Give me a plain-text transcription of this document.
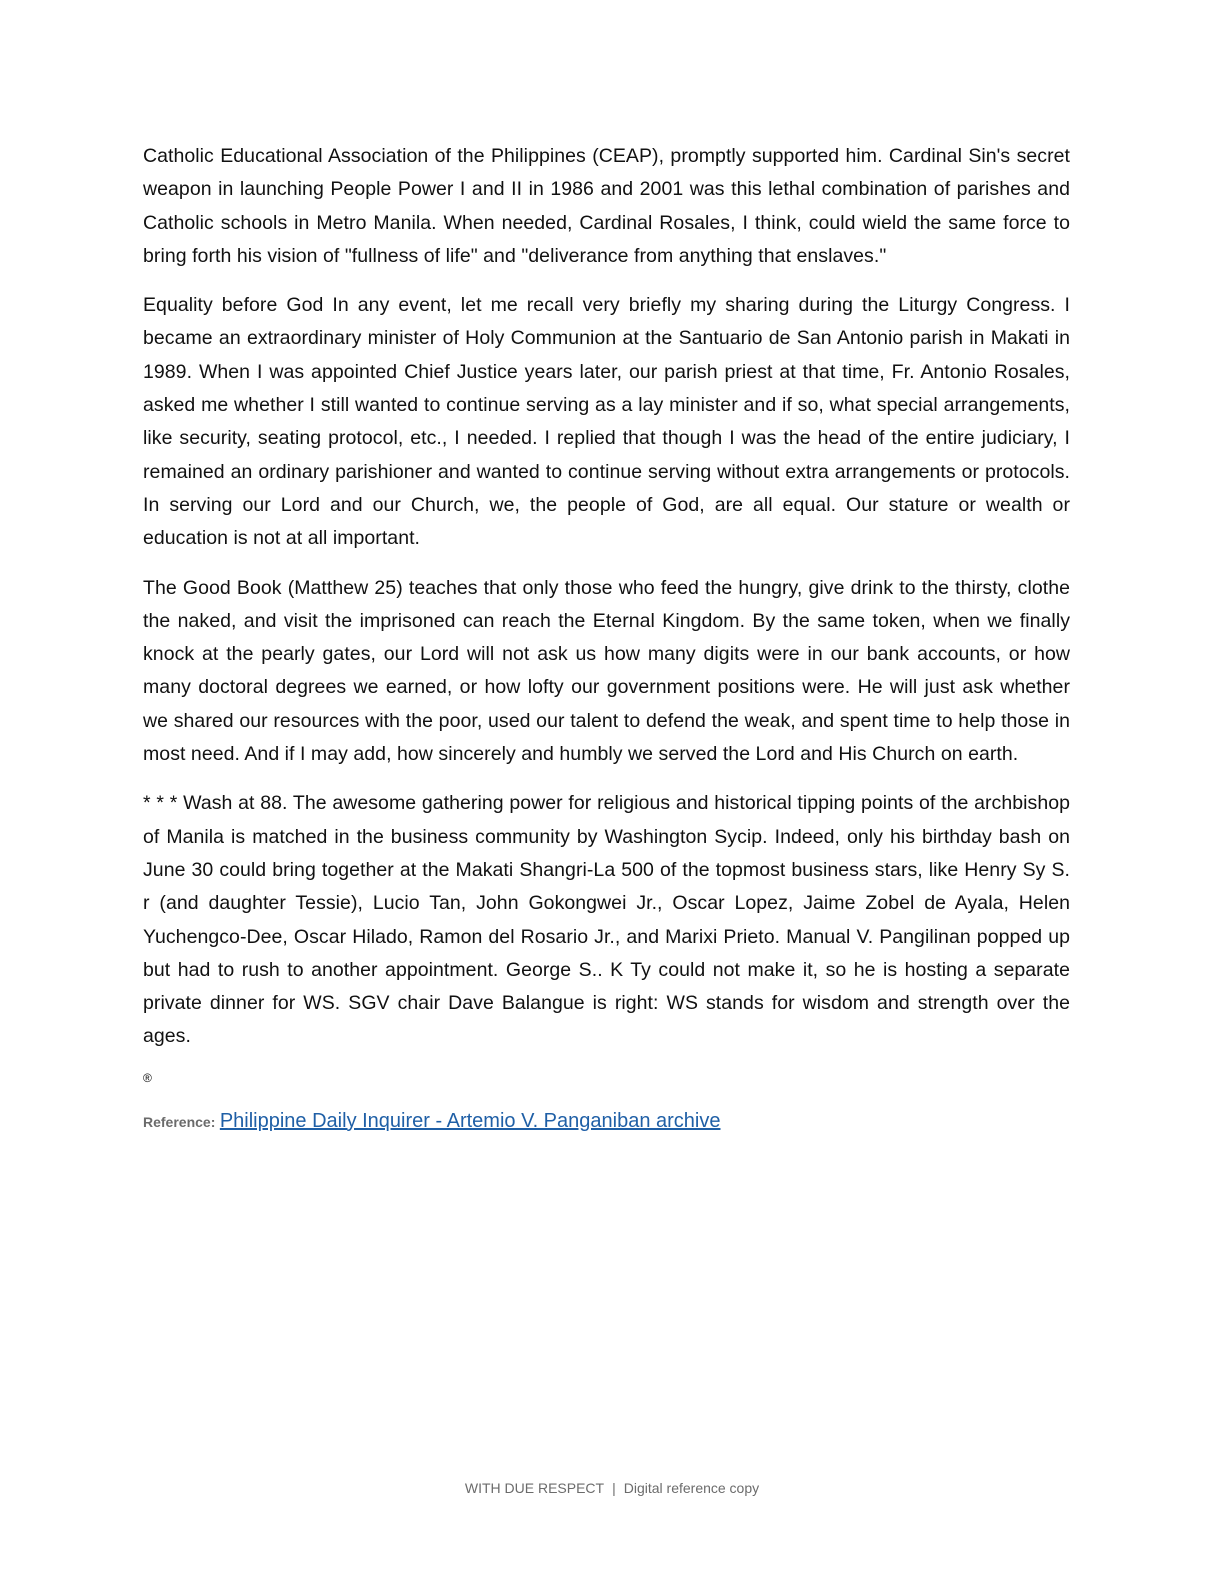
Catholic Educational Association of the Philippines (CEAP), promptly supported him. Cardinal Sin's secret weapon in launching People Power I and II in 1986 and 2001 was this lethal combination of parishes and Catholic schools in Metro Manila. When needed, Cardinal Rosales, I think, could wield the same force to bring forth his vision of "fullness of life" and "deliverance from anything that enslaves."

Equality before God In any event, let me recall very briefly my sharing during the Liturgy Congress. I became an extraordinary minister of Holy Communion at the Santuario de San Antonio parish in Makati in 1989. When I was appointed Chief Justice years later, our parish priest at that time, Fr. Antonio Rosales, asked me whether I still wanted to continue serving as a lay minister and if so, what special arrangements, like security, seating protocol, etc., I needed. I replied that though I was the head of the entire judiciary, I remained an ordinary parishioner and wanted to continue serving without extra arrangements or protocols. In serving our Lord and our Church, we, the people of God, are all equal. Our stature or wealth or education is not at all important.

The Good Book (Matthew 25) teaches that only those who feed the hungry, give drink to the thirsty, clothe the naked, and visit the imprisoned can reach the Eternal Kingdom. By the same token, when we finally knock at the pearly gates, our Lord will not ask us how many digits were in our bank accounts, or how many doctoral degrees we earned, or how lofty our government positions were. He will just ask whether we shared our resources with the poor, used our talent to defend the weak, and spent time to help those in most need. And if I may add, how sincerely and humbly we served the Lord and His Church on earth.

* * * Wash at 88. The awesome gathering power for religious and historical tipping points of the archbishop of Manila is matched in the business community by Washington Sycip. Indeed, only his birthday bash on June 30 could bring together at the Makati Shangri-La 500 of the topmost business stars, like Henry Sy S. r (and daughter Tessie), Lucio Tan, John Gokongwei Jr., Oscar Lopez, Jaime Zobel de Ayala, Helen Yuchengco-Dee, Oscar Hilado, Ramon del Rosario Jr., and Marixi Prieto. Manual V. Pangilinan popped up but had to rush to another appointment. George S.. K Ty could not make it, so he is hosting a separate private dinner for WS. SGV chair Dave Balangue is right: WS stands for wisdom and strength over the ages.

®

Reference: Philippine Daily Inquirer - Artemio V. Panganiban archive
WITH DUE RESPECT | Digital reference copy
